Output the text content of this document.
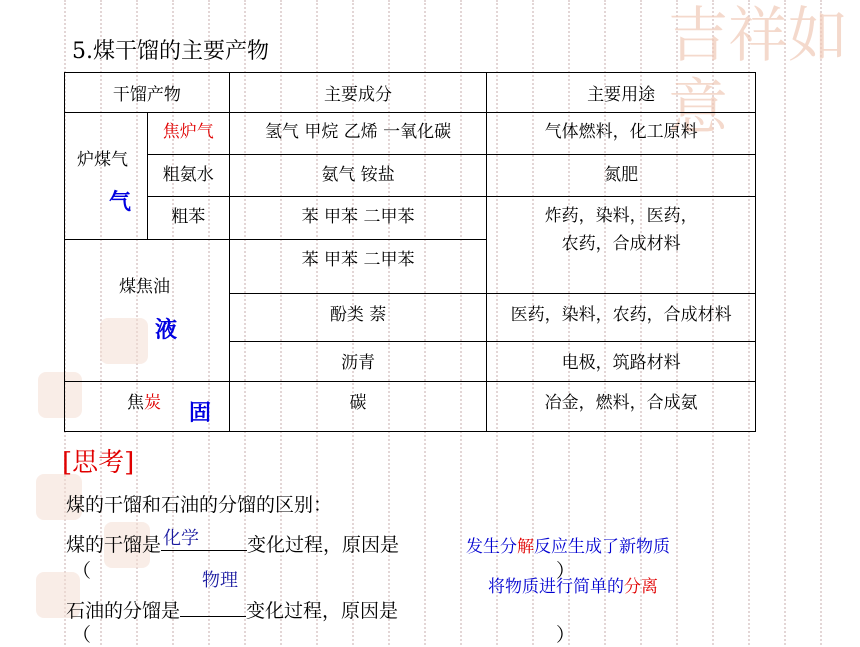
吉祥如意
5.煤干馏的主要产物
干馏产物		主要成分	主要用途

炉煤气
气	焦炉气	氢气 甲烷 乙烯 一氧化碳	气体燃料，化工原料
	粗氨水	氨气 铵盐	氮肥
	粗苯	苯 甲苯 二甲苯	炸药，染料，医药，
农药，合成材料

煤焦油
液		苯 甲苯 二甲苯	
		酚类 萘	医药，染料，农药，合成材料
		沥青	电极，筑路材料

焦炭 固		碳	冶金，燃料，合成氨
[思考]
煤的干馏和石油的分馏的区别：
煤的干馏是 化学	变化过程，原因是	发生分解反应生成了新物质
（	）
物理	将物质进行简单的分离
石油的分馏是	变化过程，原因是
（	）
